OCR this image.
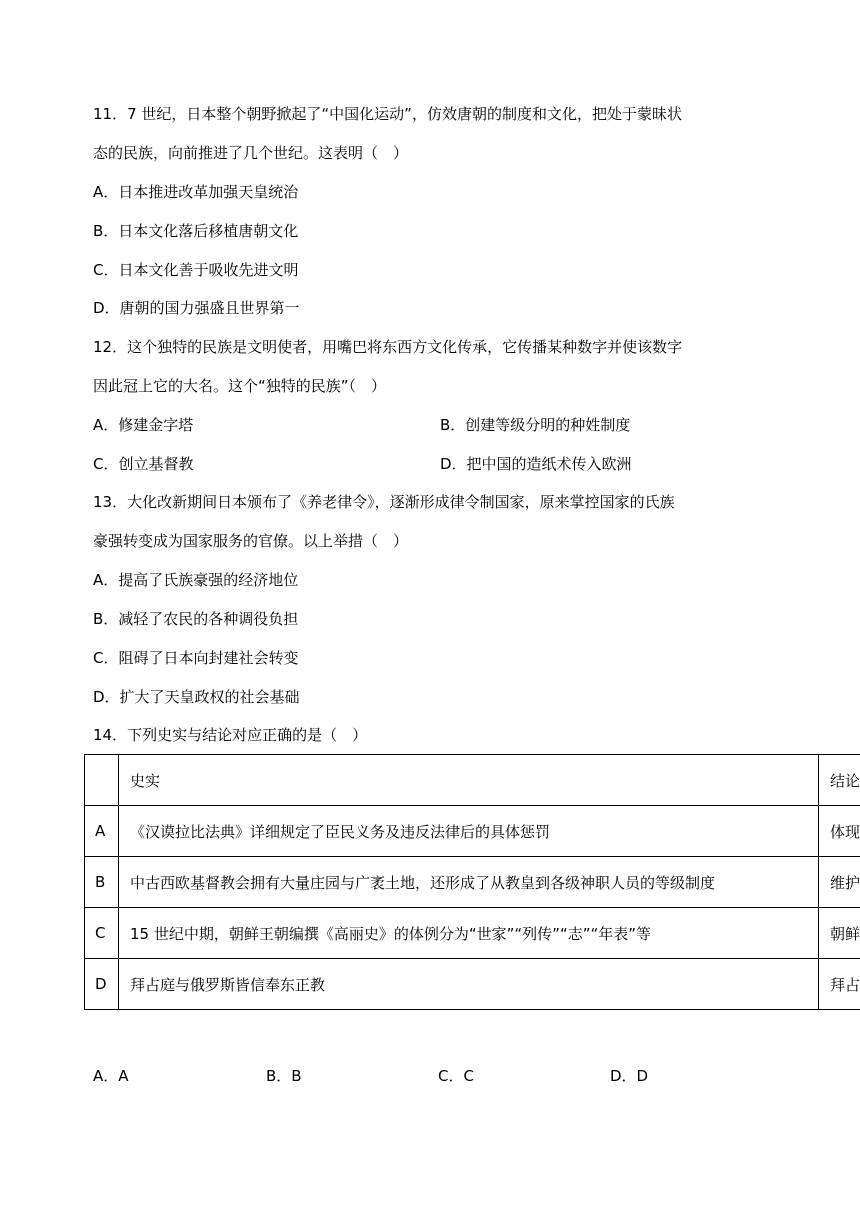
11．7 世纪，日本整个朝野掀起了“中国化运动”，仿效唐朝的制度和文化，把处于蒙昧状
态的民族，向前推进了几个世纪。这表明（　）
A．日本推进改革加强天皇统治
B．日本文化落后移植唐朝文化
C．日本文化善于吸收先进文明
D．唐朝的国力强盛且世界第一
12．这个独特的民族是文明使者，用嘴巴将东西方文化传承，它传播某种数字并使该数字
因此冠上它的大名。这个“独特的民族”（　）
A．修建金字塔	B．创建等级分明的种姓制度
C．创立基督教	D．把中国的造纸术传入欧洲
13．大化改新期间日本颁布了《养老律令》，逐渐形成律令制国家，原来掌控国家的氏族
豪强转变成为国家服务的官僚。以上举措（　）
A．提高了氏族豪强的经济地位
B．减轻了农民的各种调役负担
C．阻碍了日本向封建社会转变
D．扩大了天皇政权的社会基础
14．下列史实与结论对应正确的是（　）
	史实	结论
A	《汉谟拉比法典》详细规定了臣民义务及违反法律后的具体惩罚	体现
B	中古西欧基督教会拥有大量庄园与广袤土地，还形成了从教皇到各级神职人员的等级制度	维护
C	15 世纪中期，朝鲜王朝编撰《高丽史》的体例分为“世家”“列传”“志”“年表”等	朝鲜
D	拜占庭与俄罗斯皆信奉东正教	拜占
A．A	B．B	C．C	D．D
